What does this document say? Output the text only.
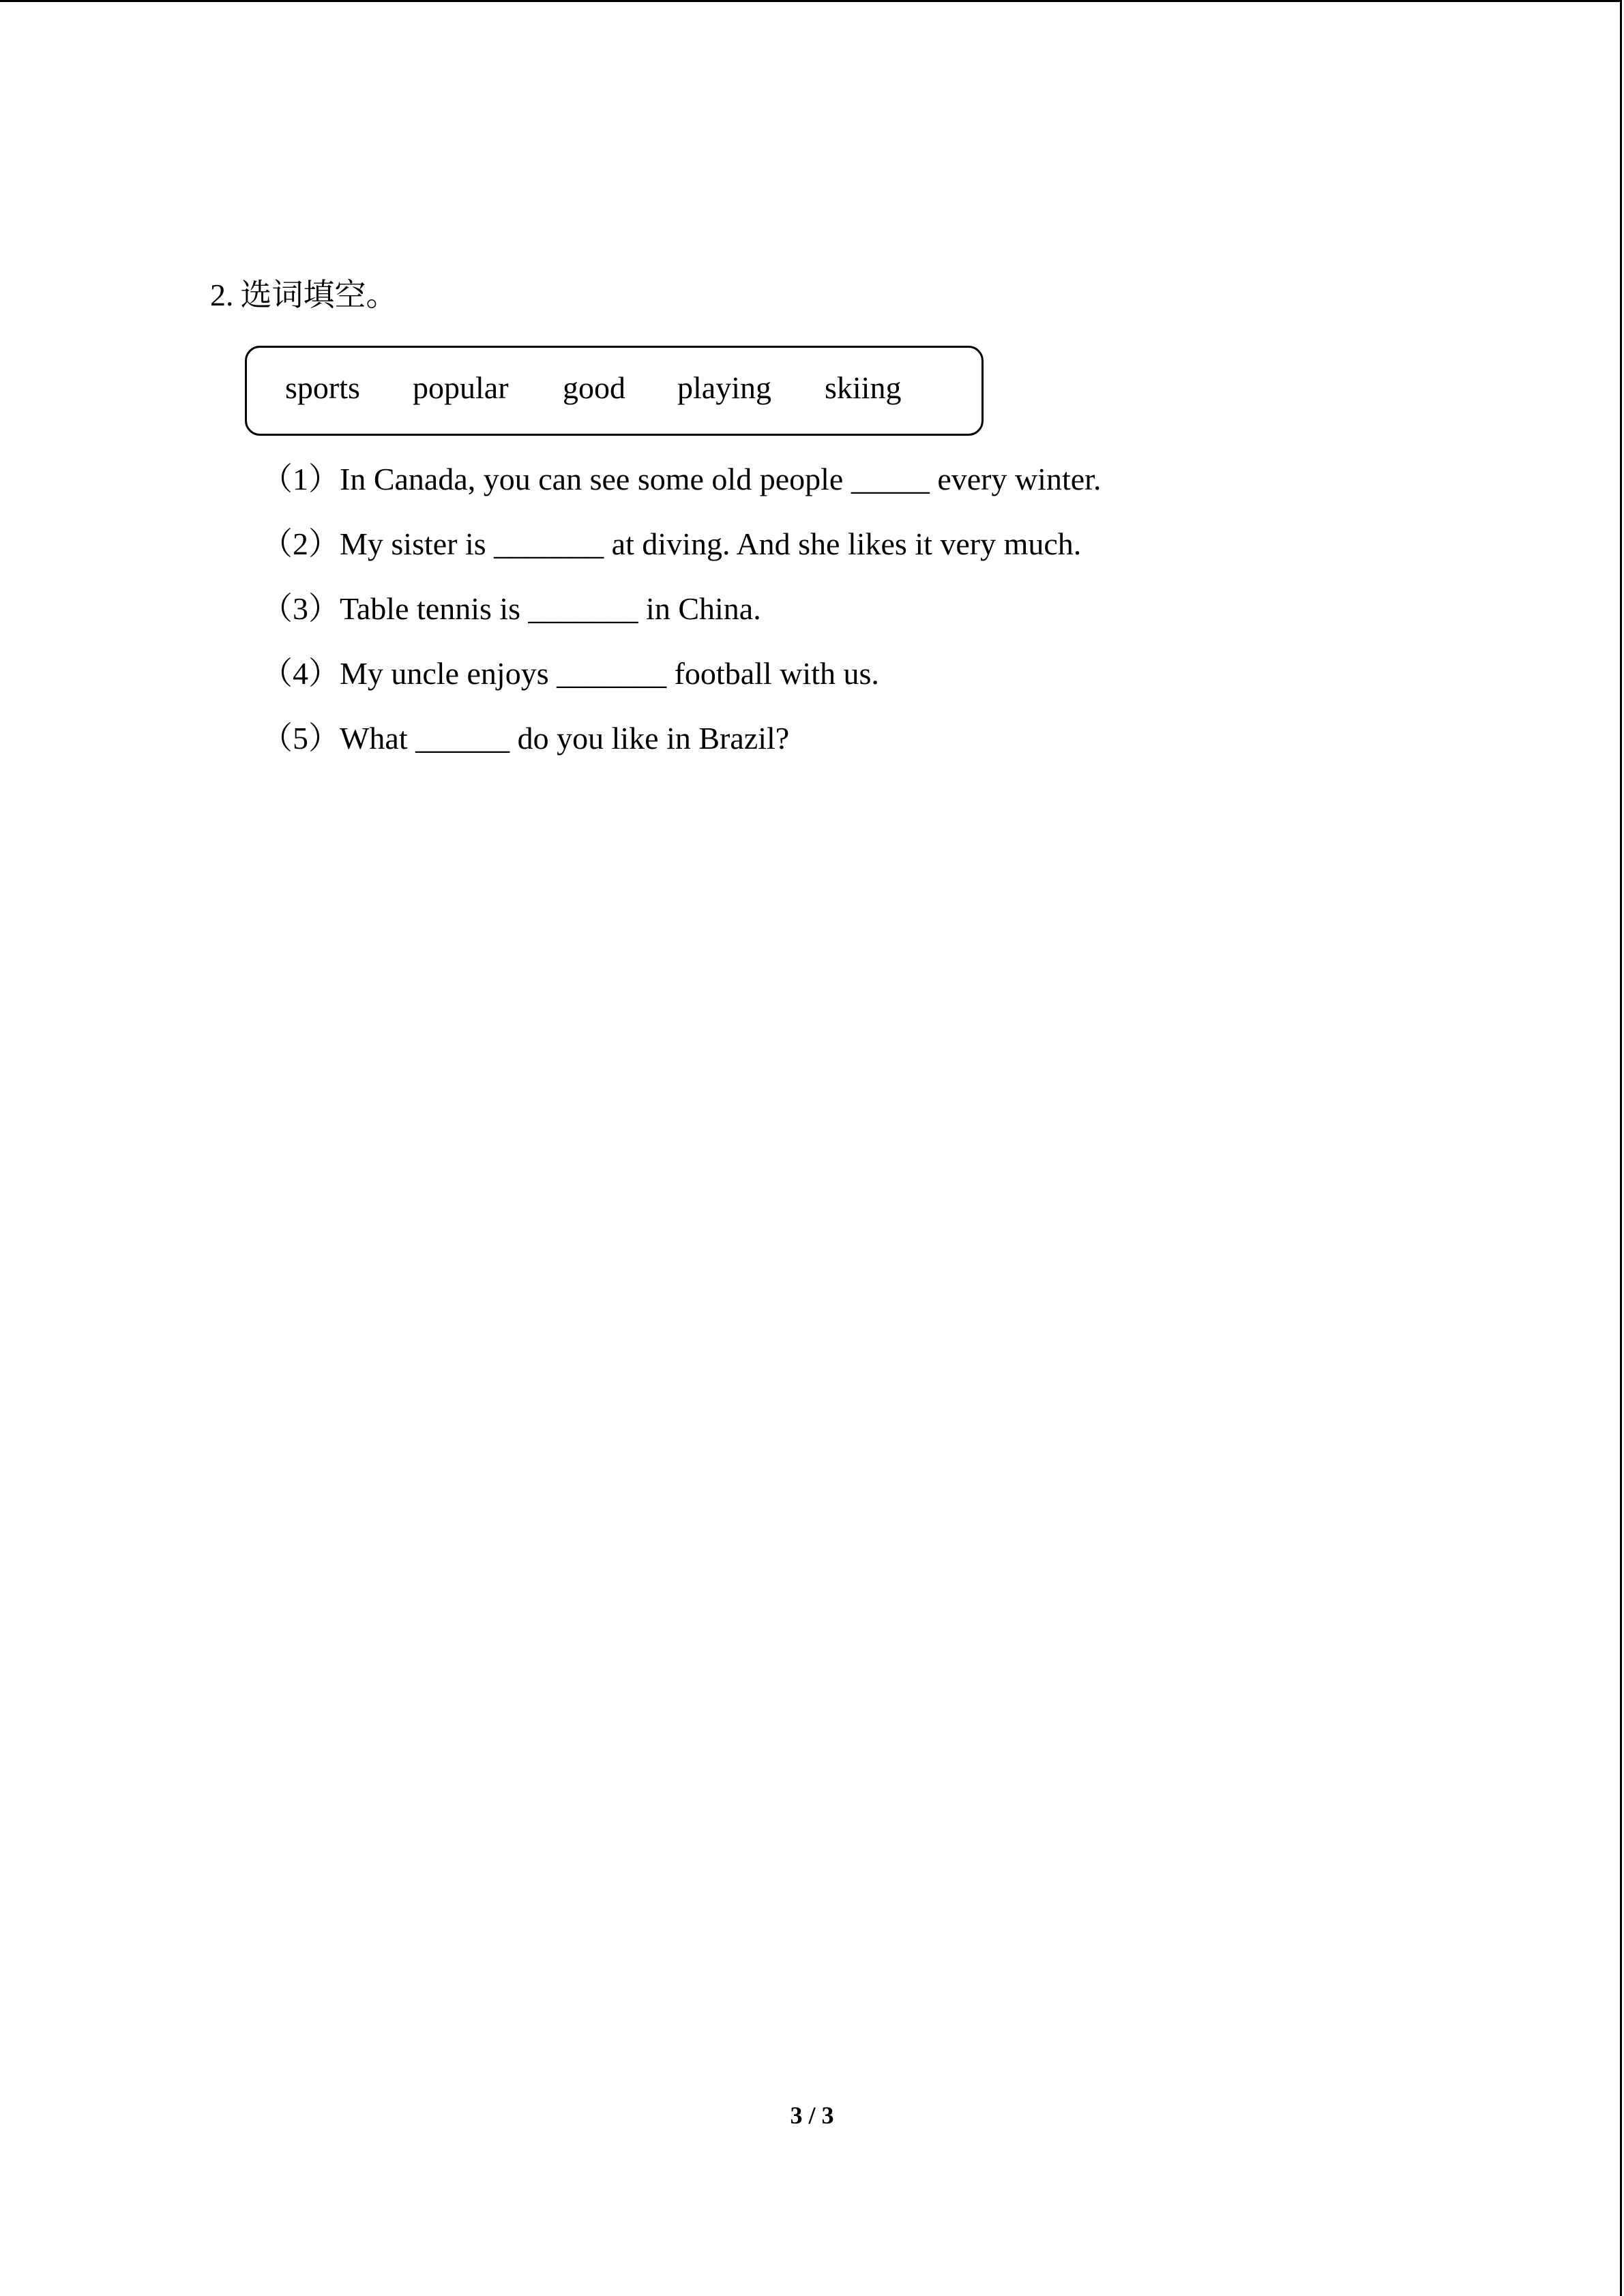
2. 选词填空。
sports popular good playing skiing
（1）In Canada, you can see some old people _____ every winter.
（2）My sister is _______ at diving. And she likes it very much.
（3）Table tennis is _______ in China.
（4）My uncle enjoys _______ football with us.
（5）What ______ do you like in Brazil?
3 / 3
